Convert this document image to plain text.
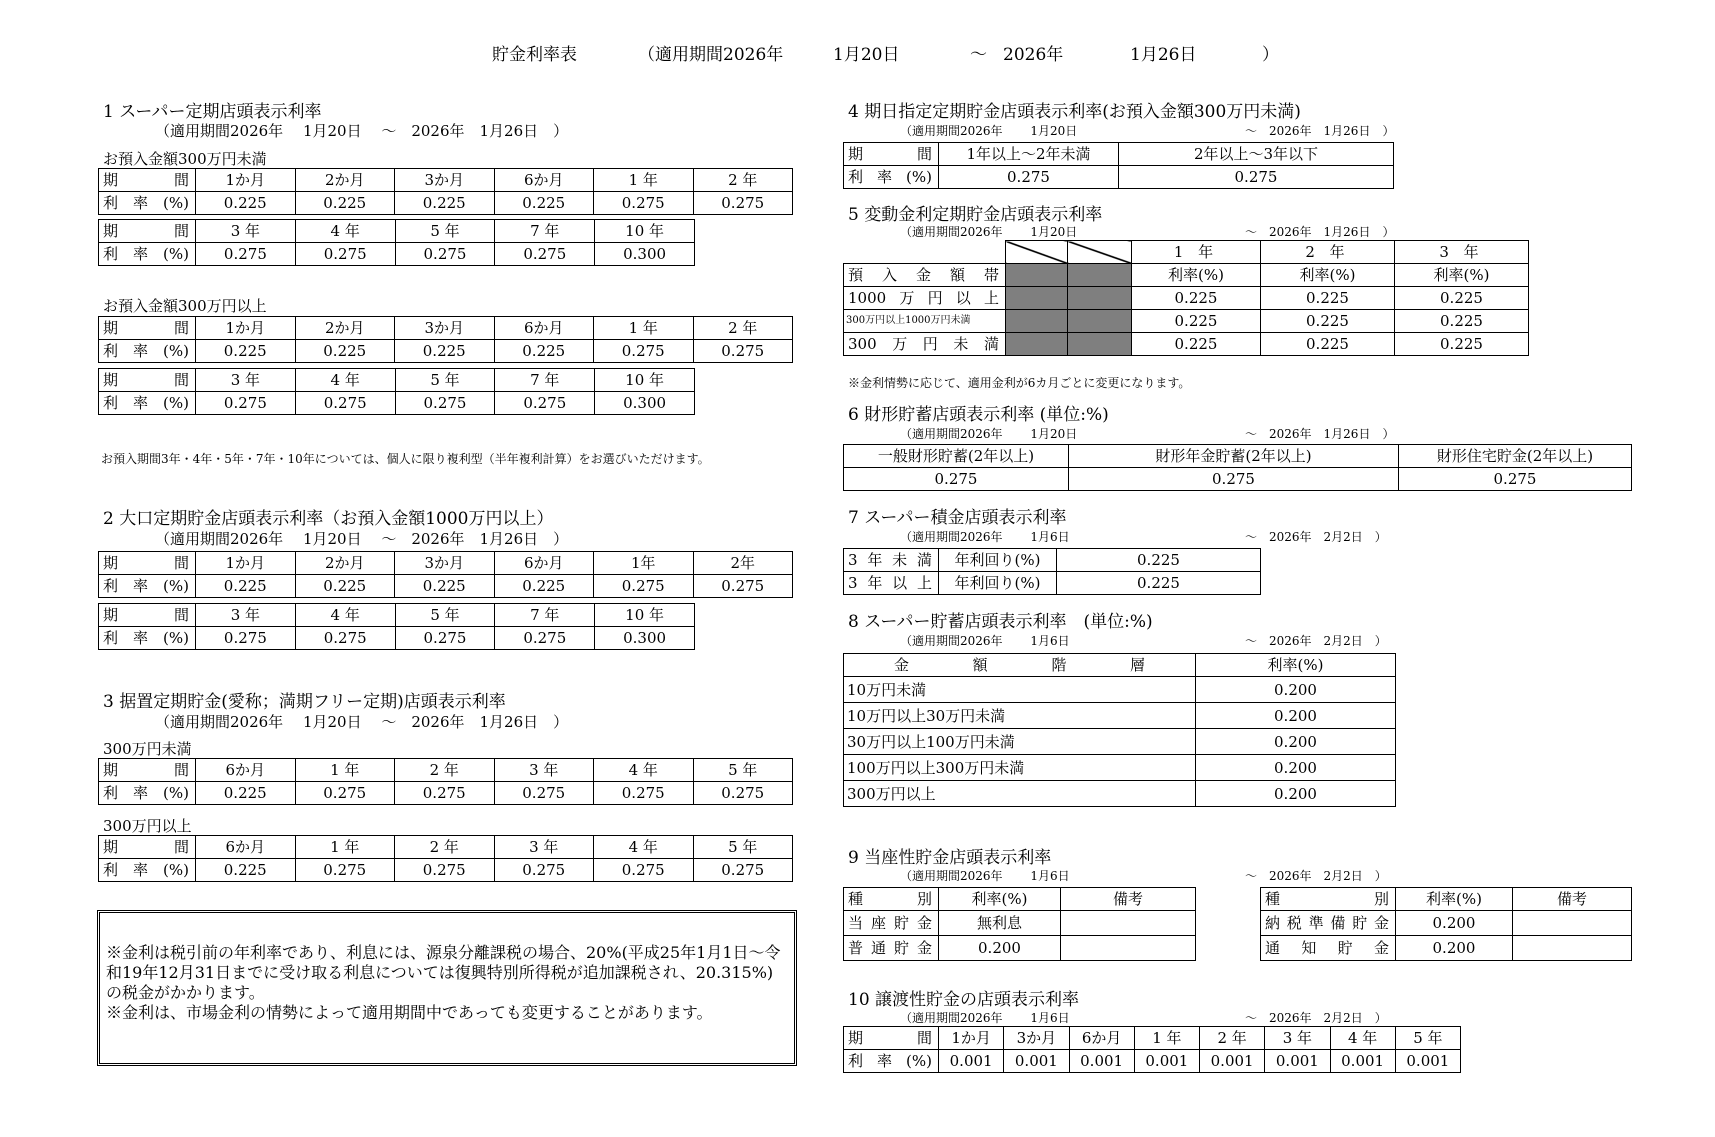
貯金利率表	（適用期間2026年	1月20日	～ 2026年	1月26日	）
1 スーパー定期店頭表示利率
（適用期間2026年　 1月20日　 ～　2026年　1月26日　）
お預入金額300万円未満
期 間	1か月	2か月	3か月	6か月	1 年	2 年
利率(%)	0.225	0.225	0.225	0.225	0.275	0.275
期 間	3 年	4 年	5 年	7 年	10 年
利率(%)	0.275	0.275	0.275	0.275	0.300
お預入金額300万円以上
期 間	1か月	2か月	3か月	6か月	1 年	2 年
利率(%)	0.225	0.225	0.225	0.225	0.275	0.275
期 間	3 年	4 年	5 年	7 年	10 年
利率(%)	0.275	0.275	0.275	0.275	0.300
お預入期間3年・4年・5年・7年・10年については、個人に限り複利型（半年複利計算）をお選びいただけます。
2 大口定期貯金店頭表示利率（お預入金額1000万円以上）
（適用期間2026年　 1月20日　 ～　2026年　1月26日　）
期 間	1か月	2か月	3か月	6か月	1年	2年
利率(%)	0.225	0.225	0.225	0.225	0.275	0.275
期 間	3 年	4 年	5 年	7 年	10 年
利率(%)	0.275	0.275	0.275	0.275	0.300
3 据置定期貯金(愛称；満期フリー定期)店頭表示利率
（適用期間2026年　 1月20日　 ～　2026年　1月26日　）
300万円未満
期 間	6か月	1 年	2 年	3 年	4 年	5 年
利率(%)	0.225	0.275	0.275	0.275	0.275	0.275
300万円以上
期 間	6か月	1 年	2 年	3 年	4 年	5 年
利率(%)	0.225	0.275	0.275	0.275	0.275	0.275
※金利は税引前の年利率であり、利息には、源泉分離課税の場合、20%(平成25年1月1日～令和19年12月31日までに受け取る利息については復興特別所得税が追加課税され、20.315%)の税金がかかります。
※金利は、市場金利の情勢によって適用期間中であっても変更することがあります。
4 期日指定定期貯金店頭表示利率(お預入金額300万円未満)
（適用期間2026年　　 1月20日	～　2026年　1月26日　）
期 間	1年以上～2年未満	2年以上～3年以下
利率(%)	0.275	0.275
5 変動金利定期貯金店頭表示利率
（適用期間2026年　　 1月20日	～　2026年　1月26日　）
			1 年	2 年	3 年
預入金額帯			利率(%)	利率(%)	利率(%)
1000万円以上			0.225	0.225	0.225
300万円以上1000万円未満			0.225	0.225	0.225
300万円未満			0.225	0.225	0.225
※金利情勢に応じて、適用金利が6カ月ごとに変更になります。
6 財形貯蓄店頭表示利率 (単位:%)
（適用期間2026年　　 1月20日	～　2026年　1月26日　）
一般財形貯蓄(2年以上)	財形年金貯蓄(2年以上)	財形住宅貯金(2年以上)
0.275	0.275	0.275
7 スーパー積金店頭表示利率
（適用期間2026年　　 1月6日	～　2026年　2月2日　）
3年未満	年利回り(%)	0.225
3年以上	年利回り(%)	0.225
8 スーパー貯蓄店頭表示利率　(単位:%)
（適用期間2026年　　 1月6日	～　2026年　2月2日　）
金 額 階 層	利率(%)
10万円未満	0.200
10万円以上30万円未満	0.200
30万円以上100万円未満	0.200
100万円以上300万円未満	0.200
300万円以上	0.200
9 当座性貯金店頭表示利率
（適用期間2026年　　 1月6日	～　2026年　2月2日　）
種 別	利率(%)	備考
当座貯金	無利息	
普通貯金	0.200	
種 別	利率(%)	備考
納税準備貯金	0.200	
通知貯金	0.200	
10 譲渡性貯金の店頭表示利率
（適用期間2026年　　 1月6日	～　2026年　2月2日　）
期 間	1か月	3か月	6か月	1 年	2 年	3 年	4 年	5 年
利率(%)	0.001	0.001	0.001	0.001	0.001	0.001	0.001	0.001
